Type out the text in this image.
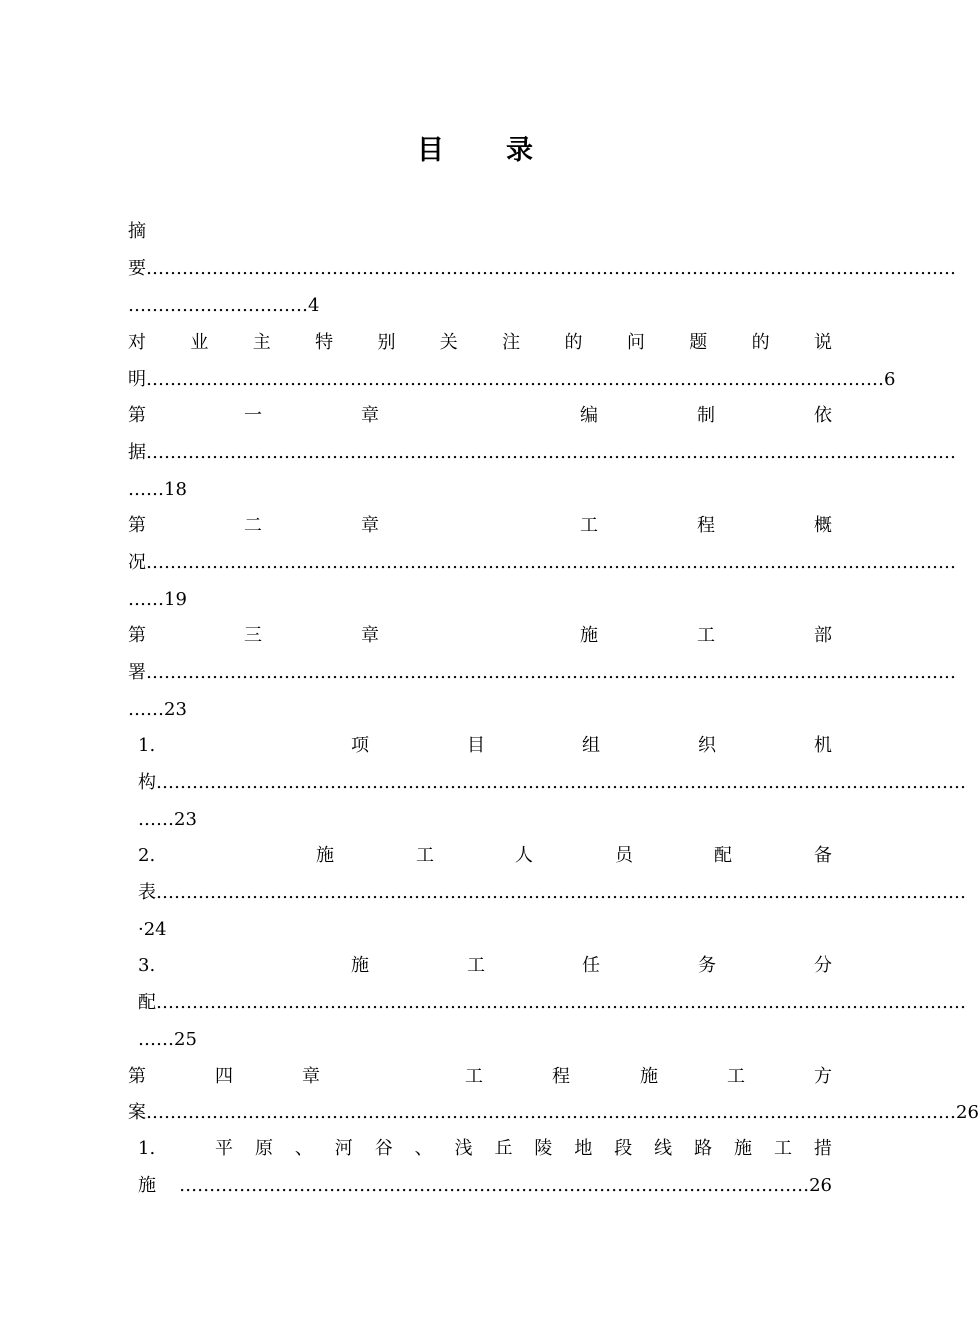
目 录
摘
要 ………………………………………………………………………………………………………………………
………………………… 4
对 业 主 特 别 关 注 的 问 题 的 说
明 …………………………………………………………………………………………………………… 6
第	一	章	编	制	依
据 ………………………………………………………………………………………………………………………
…… 18
第	二	章	工	程	概
况 ………………………………………………………………………………………………………………………
…… 19
第	三	章	施	工	部
署 ………………………………………………………………………………………………………………………
…… 23
1.	项	目	组	织	机
构 ………………………………………………………………………………………………………………………
…… 23
2.	施	工	人	员	配	备
表 ………………………………………………………………………………………………………………………
· 24
3.	施	工	任	务	分
配 ………………………………………………………………………………………………………………………
…… 25
第	四	章	工	程	施	工	方
案 ……………………………………………………………………………………………………………………… 26
1.	平 原 、 河 谷 、 浅 丘 陵 地 段 线 路 施 工 措
施 …………………………………………………………………………………………… 26
